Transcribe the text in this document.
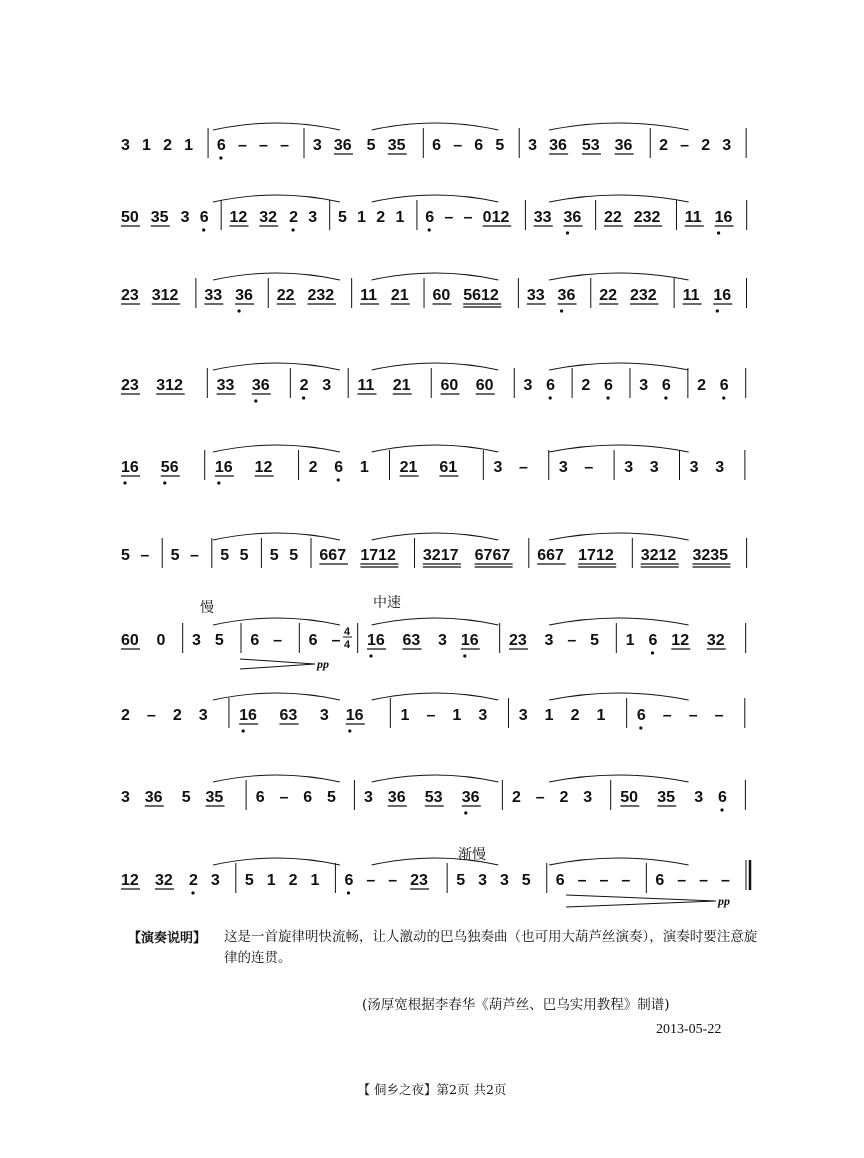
3 1 2 1 6 – – – 3 36 5 35 6 – 6 5 3 36 53 36 2 – 2 3
50 35 3 6 12 32 2 3 5 1 2 1 6 – – 012 33 36 22 232 11 16
23 312 33 36 22 232 11 21 60 5612 33 36 22 232 11 16
23 312 33 36 2 3 11 21 60 60 3 6 2 6 3 6 2 6
16 56 16 12 2 6 1 21 61 3 – 3 – 3 3 3 3
5 – 5 – 5 5 5 5 667 1712 3217 6767 667 1712 3212 3235
60 0 3 5 6 – 6 – 16 63 3 16 23 3 – 5 1 6 12 32
2 – 2 3 16 63 3 16 1 – 1 3 3 1 2 1 6 – – –
3 36 5 35 6 – 6 5 3 36 53 36 2 – 2 3 50 35 3 6
12 32 2 3 5 1 2 1 6 – – 23 5 3 3 5 6 – – – 6 – – –
慢	中速
渐慢
4
4
pp
pp
【演奏说明】 这是一首旋律明快流畅，让人激动的巴乌独奏曲（也可用大葫芦丝演奏），演奏时要注意旋律的连贯。
(汤厚宽根据李春华《葫芦丝、巴乌实用教程》制谱)
2013-05-22
【 侗乡之夜】第2页 共2页
